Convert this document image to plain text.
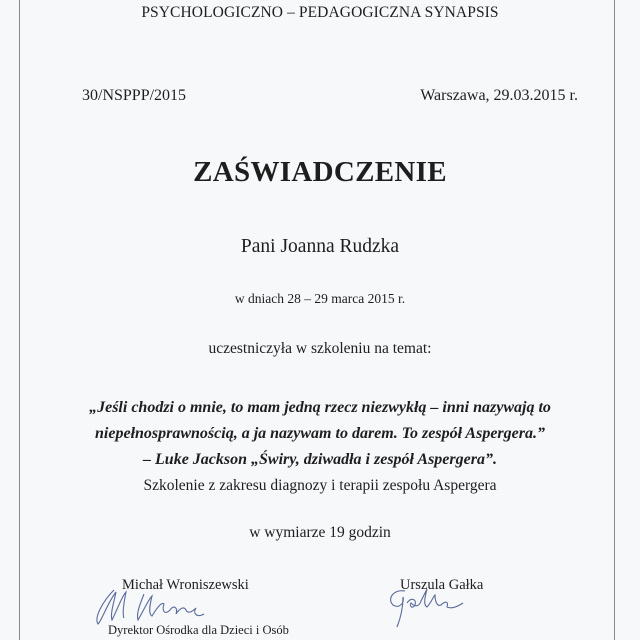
PSYCHOLOGICZNO – PEDAGOGICZNA SYNAPSIS
30/NSPPP/2015	Warszawa, 29.03.2015 r.
ZAŚWIADCZENIE
Pani Joanna Rudzka
w dniach 28 – 29 marca 2015 r.
uczestniczyła w szkoleniu na temat:
„Jeśli chodzi o mnie, to mam jedną rzecz niezwykłą – inni nazywają to
niepełnosprawnością, a ja nazywam to darem. To zespół Aspergera.”
– Luke Jackson „Świry, dziwadła i zespół Aspergera”.
Szkolenie z zakresu diagnozy i terapii zespołu Aspergera
w wymiarze 19 godzin
Michał Wroniszewski	Urszula Gałka
Dyrektor Ośrodka dla Dzieci i Osób
